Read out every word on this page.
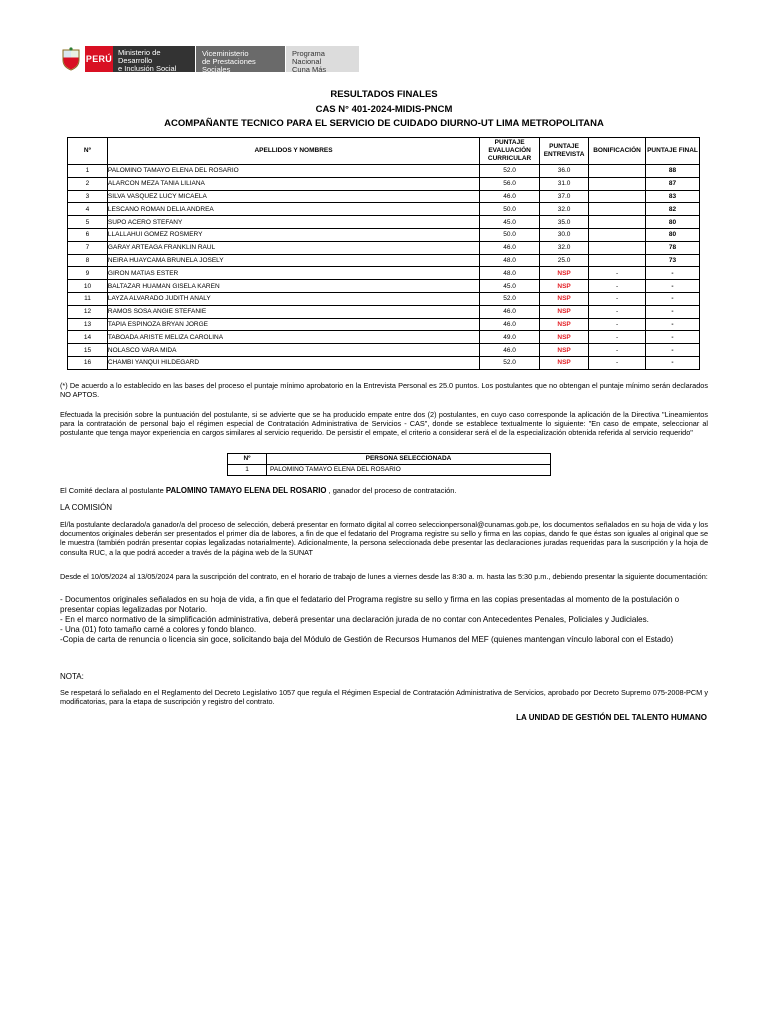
PERÚ
Ministerio de Desarrollo
e Inclusión Social
Viceministerio
de Prestaciones Sociales
Programa Nacional
Cuna Más
RESULTADOS FINALES
CAS N° 401-2024-MIDIS-PNCM
ACOMPAÑANTE TECNICO PARA EL SERVICIO DE CUIDADO DIURNO-UT LIMA METROPOLITANA
Nº	APELLIDOS Y NOMBRES	PUNTAJE EVALUACIÓN CURRICULAR	PUNTAJE ENTREVISTA	BONIFICACIÓN	PUNTAJE FINAL
1	PALOMINO TAMAYO ELENA DEL ROSARIO	52.0	36.0		88
2	ALARCON MEZA TANIA LILIANA	56.0	31.0		87
3	SILVA VASQUEZ LUCY MICAELA	46.0	37.0		83
4	LESCANO ROMAN DELIA ANDREA	50.0	32.0		82
5	SUPO ACERO STEFANY	45.0	35.0		80
6	LLALLAHUI GOMEZ ROSMERY	50.0	30.0		80
7	GARAY ARTEAGA FRANKLIN RAUL	46.0	32.0		78
8	NEIRA HUAYCAMA BRUNELA JOSELY	48.0	25.0		73
9	GIRON MATIAS ESTER	48.0	NSP	-	-
10	BALTAZAR HUAMAN GISELA KAREN	45.0	NSP	-	-
11	LAYZA ALVARADO JUDITH ANALY	52.0	NSP	-	-
12	RAMOS SOSA ANGIE STEFANIE	46.0	NSP	-	-
13	TAPIA ESPINOZA BRYAN JORGE	46.0	NSP	-	-
14	TABOADA ARISTE MELIZA CAROLINA	49.0	NSP	-	-
15	NOLASCO VARA MIDA	46.0	NSP	-	-
16	CHAMBI YANQUI HILDEGARD	52.0	NSP	-	-
(*) De acuerdo a lo establecido en las bases del proceso el puntaje mínimo aprobatorio en la Entrevista Personal es 25.0 puntos. Los postulantes que no obtengan el puntaje mínimo serán declarados NO APTOS.
Efectuada la precisión sobre la puntuación del postulante, si se advierte que se ha producido empate entre dos (2) postulantes, en cuyo caso corresponde la aplicación de la Directiva "Lineamientos para la contratación de personal bajo el régimen especial de Contratación Administrativa de Servicios - CAS", donde se establece textualmente lo siguiente: "En caso de empate, seleccionar al postulante que tenga mayor experiencia en cargos similares al servicio requerido. De persistir el empate, el criterio a considerar será el de la especialización obtenida referida al servicio requerido"
Nº	PERSONA SELECCIONADA
1	PALOMINO TAMAYO ELENA DEL ROSARIO
El Comité declara al postulante PALOMINO TAMAYO ELENA DEL ROSARIO , ganador del proceso de contratación.
LA COMISIÓN
El/la postulante declarado/a ganador/a del proceso de selección, deberá presentar en formato digital al correo seleccionpersonal@cunamas.gob.pe, los documentos señalados en su hoja de vida y los documentos originales deberán ser presentados el primer día de labores, a fin de que el fedatario del Programa registre su sello y firma en las copias, dando fe que éstas son iguales al original que se le muestra (también podrán presentar copias legalizadas notarialmente). Adicionalmente, la persona seleccionada debe presentar las declaraciones juradas requeridas para la suscripción y la hoja de consulta RUC, a la que podrá acceder a través de la página web de la SUNAT
Desde el 10/05/2024 al 13/05/2024 para la suscripción del contrato, en el horario de trabajo de lunes a viernes desde las 8:30 a. m. hasta las 5:30 p.m., debiendo presentar la siguiente documentación:
- Documentos originales señalados en su hoja de vida, a fin que el fedatario del Programa registre su sello y firma en las copias presentadas al momento de la postulación o presentar copias legalizadas por Notario.
- En el marco normativo de la simplificación administrativa, deberá presentar una declaración jurada de no contar con Antecedentes Penales, Policiales y Judiciales.
- Una (01) foto tamaño carné a colores y fondo blanco.
-Copia de carta de renuncia o licencia sin goce, solicitando baja del Módulo de Gestión de Recursos Humanos del MEF (quienes mantengan vínculo laboral con el Estado)
NOTA:
Se respetará lo señalado en el Reglamento del Decreto Legislativo 1057 que regula el Régimen Especial de Contratación Administrativa de Servicios, aprobado por Decreto Supremo 075-2008-PCM y modificatorias, para la etapa de suscripción y registro del contrato.
LA UNIDAD DE GESTIÓN DEL TALENTO HUMANO
